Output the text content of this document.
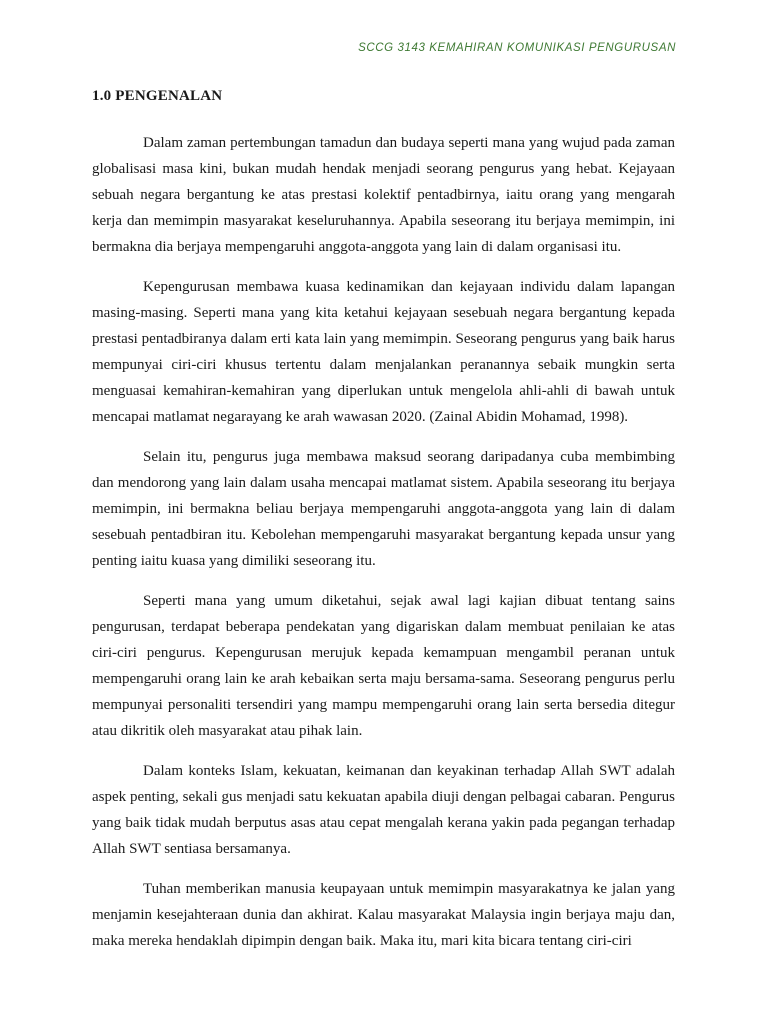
SCCG 3143 KEMAHIRAN KOMUNIKASI PENGURUSAN
1.0 PENGENALAN

Dalam zaman pertembungan tamadun dan budaya seperti mana yang wujud pada zaman globalisasi masa kini, bukan mudah hendak menjadi seorang pengurus yang hebat. Kejayaan sebuah negara bergantung ke atas prestasi kolektif pentadbirnya, iaitu orang yang mengarah kerja dan memimpin masyarakat keseluruhannya. Apabila seseorang itu berjaya memimpin, ini bermakna dia berjaya mempengaruhi anggota-anggota yang lain di dalam organisasi itu.

Kepengurusan membawa kuasa kedinamikan dan kejayaan individu dalam lapangan masing-masing. Seperti mana yang kita ketahui kejayaan sesebuah negara bergantung kepada prestasi pentadbiranya dalam erti kata lain yang memimpin. Seseorang pengurus yang baik harus mempunyai ciri-ciri khusus tertentu dalam menjalankan peranannya sebaik mungkin serta menguasai kemahiran-kemahiran yang diperlukan untuk mengelola ahli-ahli di bawah untuk mencapai matlamat negarayang ke arah wawasan 2020. (Zainal Abidin Mohamad, 1998).

Selain itu, pengurus juga membawa maksud seorang daripadanya cuba membimbing dan mendorong yang lain dalam usaha mencapai matlamat sistem. Apabila seseorang itu berjaya memimpin, ini bermakna beliau berjaya mempengaruhi anggota-anggota yang lain di dalam sesebuah pentadbiran itu. Kebolehan mempengaruhi masyarakat bergantung kepada unsur yang penting iaitu kuasa yang dimiliki seseorang itu.

Seperti mana yang umum diketahui, sejak awal lagi kajian dibuat tentang sains pengurusan, terdapat beberapa pendekatan yang digariskan dalam membuat penilaian ke atas ciri-ciri pengurus. Kepengurusan merujuk kepada kemampuan mengambil peranan untuk mempengaruhi orang lain ke arah kebaikan serta maju bersama-sama. Seseorang pengurus perlu mempunyai personaliti tersendiri yang mampu mempengaruhi orang lain serta bersedia ditegur atau dikritik oleh masyarakat atau pihak lain.

Dalam konteks Islam, kekuatan, keimanan dan keyakinan terhadap Allah SWT adalah aspek penting, sekali gus menjadi satu kekuatan apabila diuji dengan pelbagai cabaran. Pengurus yang baik tidak mudah berputus asas atau cepat mengalah kerana yakin pada pegangan terhadap Allah SWT sentiasa bersamanya.

Tuhan memberikan manusia keupayaan untuk memimpin masyarakatnya ke jalan yang menjamin kesejahteraan dunia dan akhirat. Kalau masyarakat Malaysia ingin berjaya maju dan, maka mereka hendaklah dipimpin dengan baik. Maka itu, mari kita bicara tentang ciri-ciri
